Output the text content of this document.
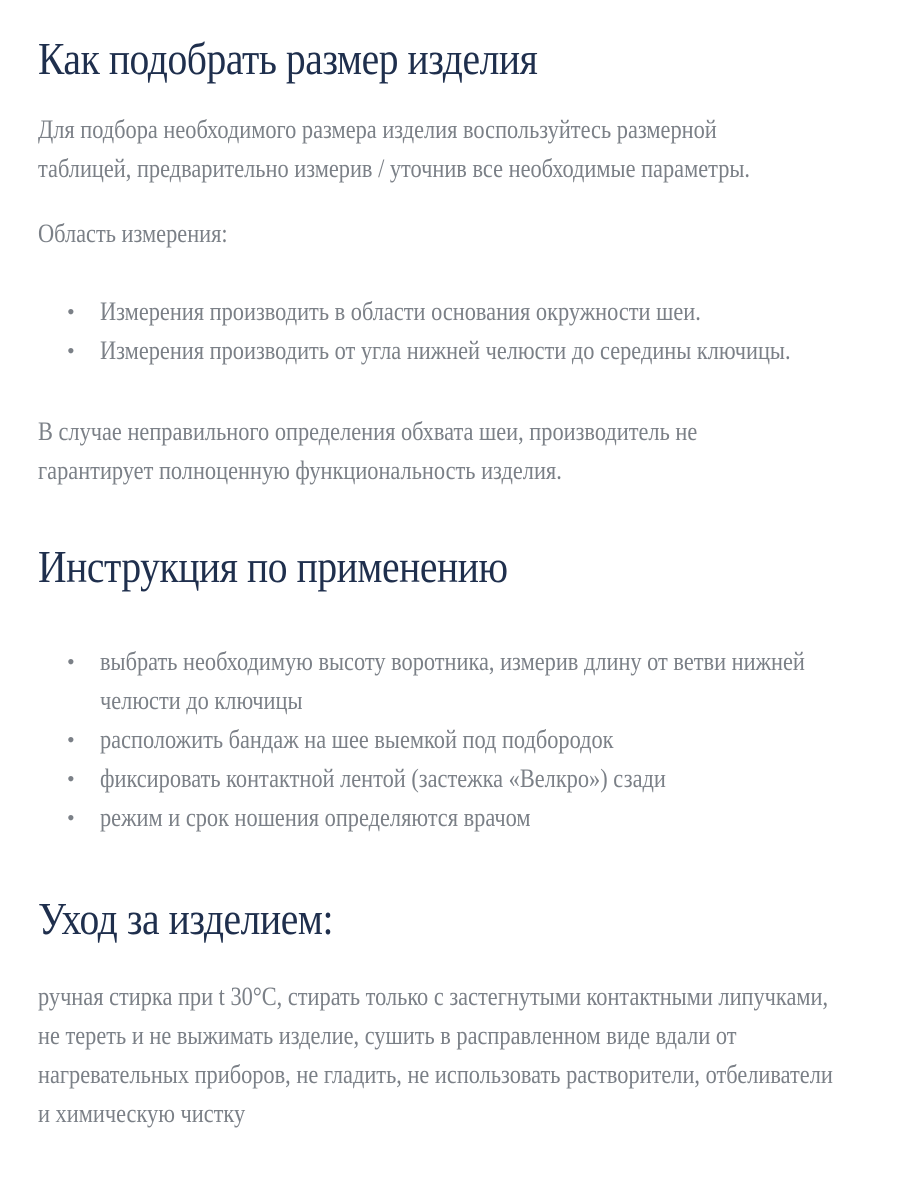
Как подобрать размер изделия

Для подбора необходимого размера изделия воспользуйтесь размерной таблицей, предварительно измерив / уточнив все необходимые параметры.

Область измерения:

• Измерения производить в области основания окружности шеи.
• Измерения производить от угла нижней челюсти до середины ключицы.

В случае неправильного определения обхвата шеи, производитель не гарантирует полноценную функциональность изделия.

Инструкция по применению
• выбрать необходимую высоту воротника, измерив длину от ветви нижней челюсти до ключицы
• расположить бандаж на шее выемкой под подбородок
• фиксировать контактной лентой (застежка «Велкро») сзади
• режим и срок ношения определяются врачом
Уход за изделием:

ручная стирка при t 30°С, стирать только с застегнутыми контактными липучками, не тереть и не выжимать изделие, сушить в расправленном виде вдали от нагревательных приборов, не гладить, не использовать растворители, отбеливатели и химическую чистку
